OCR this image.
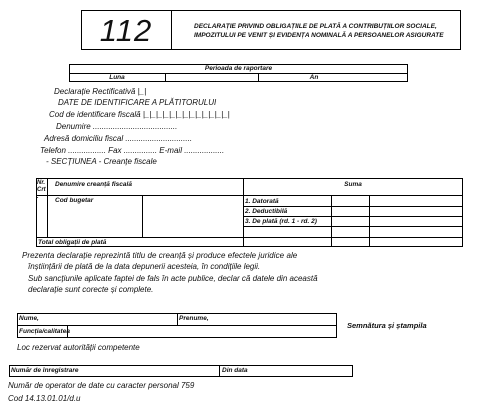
112	DECLARAȚIE PRIVIND OBLIGAȚIILE DE PLATĂ A CONTRIBUȚIILOR SOCIALE,
IMPOZITULUI PE VENIT ȘI EVIDENȚA NOMINALĂ A PERSOANELOR ASIGURATE
Perioada de raportare
Luna	An
Declarație Rectificativă |_|
DATE DE IDENTIFICARE A PLĂTITORULUI
Cod de identificare fiscală |_|_|_|_|_|_|_|_|_|_|_|_|_|
Denumire ......................................
Adresă domiciliu fiscal ..............................
Telefon ................. Fax ............... E-mail ..................
- SECȚIUNEA - Creanțe fiscale
Nr. Crt.
Denumire creanță fiscală	Suma
Cod bugetar	1. Datorată
2. Deductibilă
3. De plată (rd. 1 - rd. 2)
Total obligații de plată
Prezenta declarație reprezintă titlu de creanță și produce efectele juridice ale
înștiințării de plată de la data depunerii acesteia, în condițiile legii.
Sub sancțiunile aplicate faptei de fals în acte publice, declar că datele din această
declarație sunt corecte și complete.
Nume,	Prenume,
Funcția/calitatea
Semnătura și ștampila
Loc rezervat autorității competente
Număr de înregistrare	Din data
Număr de operator de date cu caracter personal 759
Cod 14.13.01.01/d.u
